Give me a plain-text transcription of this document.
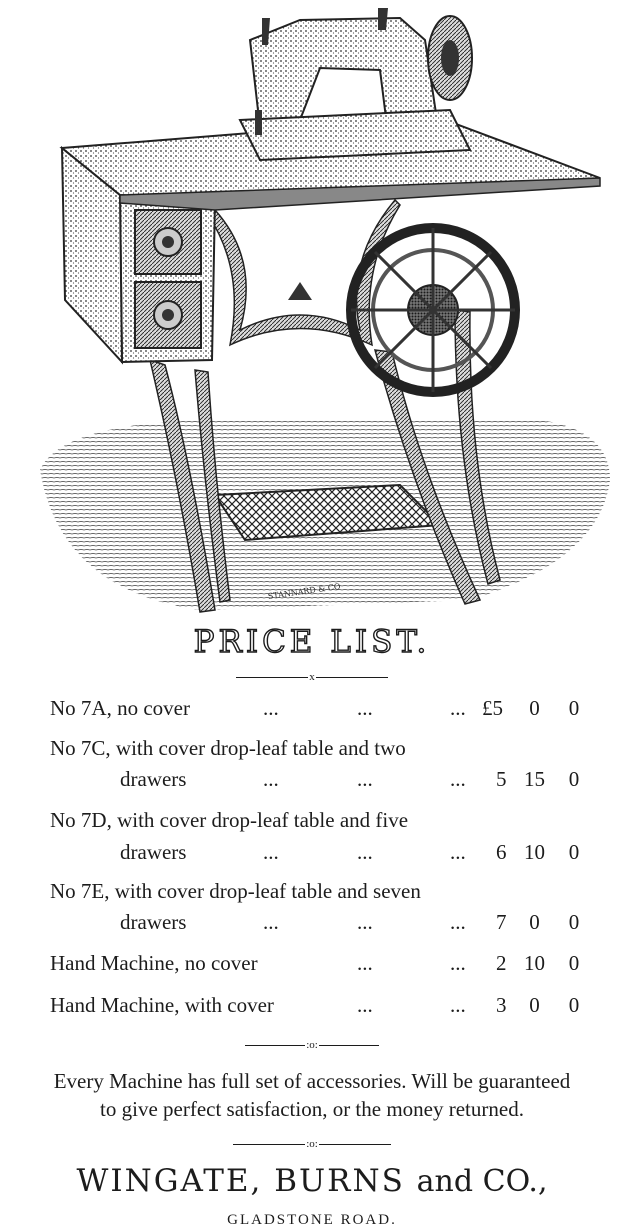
STANNARD & CO
PRICE LIST.
x
No 7A, no cover	...	...	... £5	0	0
No 7C, with cover drop-leaf table and two
drawers	...	...	... 5 15 0
No 7D, with cover drop-leaf table and five
drawers	...	...	... 6 10 0
No 7E, with cover drop-leaf table and seven
drawers	...	...	... 7	0	0
Hand Machine, no cover	...	... 2 10 0
Hand Machine, with cover	...	... 3	0	0
:o:
Every Machine has full set of accessories. Will be guaranteed
to give perfect satisfaction, or the money returned.
:o:
WINGATE, BURNS and CO.,
GLADSTONE ROAD.
